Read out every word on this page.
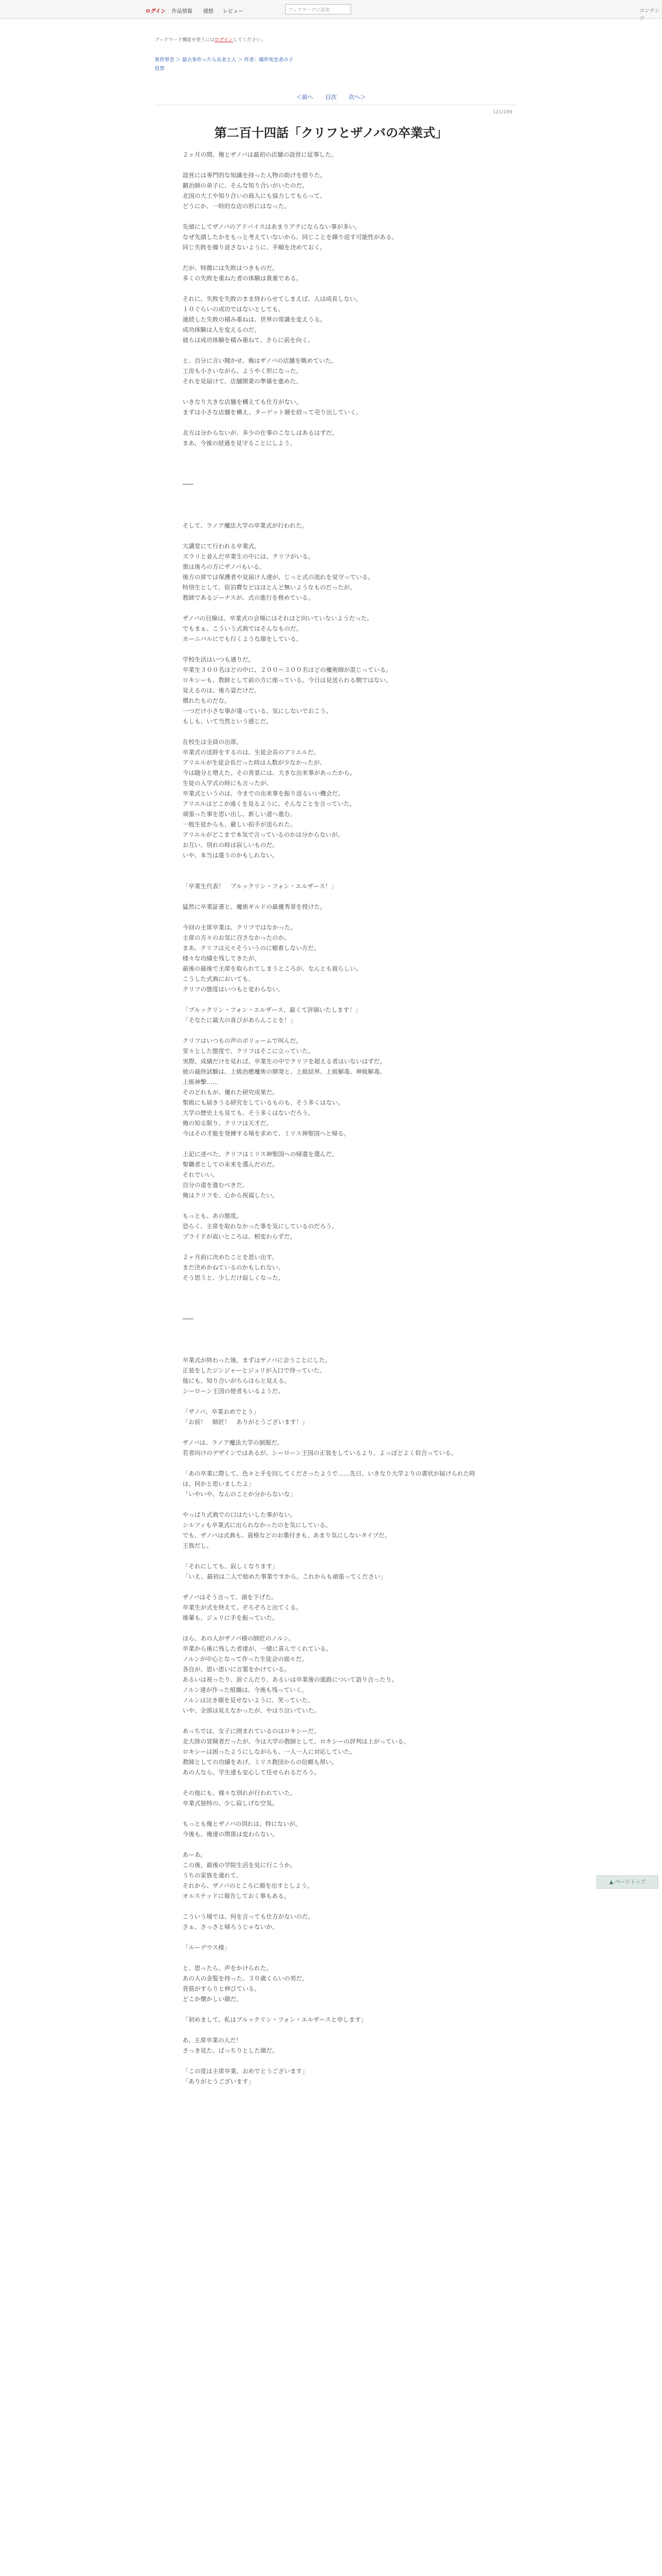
ログイン 作品情報 感想 レビュー	ブックマークに追加	コンテンツ
ブックマーク機能を使うにはログインしてください。
異世界恋 ＞ 最古参作ったら長者主人 ＞ 作者：爆炸死恋者の子
投票
＜前へ 目次 次へ＞
121/199
第二百十四話「クリフとザノバの卒業式」
２ヶ月の間、俺とザノバは最初の店舗の設営に従事した。

設営には専門的な知識を持った人物の助けを借りた。
鍛冶師の弟子に、そんな知り合いがいたのだ。
北国の大工や知り合いの商人にも協力してもらって、
どうにか、一時的な店の形にはなった。

先頭にしてザノバのアドバイスはあまりアテにならない事が多い。
なぜ先頭したかをもっと考えていないから、同じことを繰り返す可能性がある。
同じ失敗を繰り返さないように、手順を決めておく。

だが、特徴には失敗はつきものだ。
多くの失敗を重ねた者の体験は貴重である。

それに、失敗を失敗のまま終わらせてしまえば、人は成長しない。
１０ぐらいの成功ではないとしても、
連続した失敗の積み重ねは、世界の常識を変えうる。
成功体験は人を変えるのだ。
彼らは成功体験を積み重ねて、さらに前を向く。

と、自分に言い聞かせ、俺はザノバの店舗を眺めていた。
工房も小さいながら、ようやく形になった。
それを見届けて、店舗開業の準備を進めた。

いきなり大きな店舗を構えても仕方がない。
まずは小さな店舗を構え、ターゲット層を絞って売り出していく。

北方は分からないが、多少の仕事のこなしはあるはずだ。
まあ、今後の経過を見守ることにしよう。

───

そして、ラノア魔法大学の卒業式が行われた。

大講堂にて行われる卒業式。
ズラリと並んだ卒業生の中には、クリフがいる。
奥は後ろの方にザノバもいる。
後方の席では保護者や見届け人達が、じっと式の流れを見守っている。
特別生として、宿泊費などはほとんど無いようなものだったが。
教師であるジーナスが、式の進行を務めている。

ザノバの目線は、卒業式の会場にはそれほど向いていないようだった。
でもまぁ、こういう式典ではそんなものだ。
カーニバルにでも行くような顔をしている。

学校生活はいつも通りだ。
卒業生３００名ほどの中に、２００〜３００名ほどの魔術師が混じっている。
ロキシーも、教師として前の方に座っている。今日は見送られる側ではない。
見えるのは、後ろ姿だけだ。
慣れたものだな。
一つだけ小さな事が違っている。気にしないでおこう。
もしも、いて当然という感じだ。

在校生は全員の出席。
卒業式の送辞をするのは、生徒会長のアリエルだ。
アリエルが生徒会長だった時は人数が少なかったが、
今は随分と増えた。その背景には、大きな出来事があったから。
生徒の入学式の時にも言ったが、
卒業式というのは、今までの出来事を振り返るいい機会だ。
アリエルはどこか遠くを見るように、そんなことを言っていた。
頑張った事を思い出し、新しい道へ進む。
一般生徒からも、厳しい拍手が送られた。
アリエルがどこまで本気で言っているのかは分からないが、
お互い、別れの時は寂しいものだ。
いや、本当は違うのかもしれない。

「卒業生代表！　ブルックリン・フォン・エルザース！」

猛然に卒業証書と、魔術ギルドの最優秀章を授けた。

今回の主席卒業は、クリフではなかった。
主席の方々のお気に召さなかったのか。
まあ、クリフは元々そういうのに頓着しない方だ。
様々な功績を残してきたが、
最後の最後で主席を取られてしまうところが、なんとも彼らしい。
こうした式典においても、
クリフの態度はいつもと変わらない。

「ブルックリン・フォン・エルザース、最くて評価いたします！」
「そなたに最大の喜びがあらんことを！」

クリフはいつもの声のボリュームで叫んだ。
堂々とした態度で、クリフはそこに立っていた。
実際、成績だけを見れば、卒業生の中でクリフを超える者はいないはずだ。
彼の最終試験は、上級治癒魔術の開発と、上級結界、上級解毒、神級解毒、
上級神撃……
そのどれもが、優れた研究成果だ。
聖級にも届きうる研究をしているものも、そう多くはない。
大学の歴史上も見ても、そう多くはないだろう。
俺の知る限り、クリフは天才だ。
今はその才能を発揮する場を求めて、ミリス神聖国へと帰る。

上記に述べた、クリフはミリス神聖国への帰還を選んだ。
聖職者としての未来を選んだのだ。
それでいい。
自分の道を進むべきだ。
俺はクリフを、心から祝福したい。

もっとも、あの態度。
恐らく、主席を取れなかった事を気にしているのだろう。
プライドが高いところは、相変わらずだ。

２ヶ月前に決めたことを思い出す。
まだ決めかねているのかもしれない。
そう思うと、少しだけ寂しくなった。

───

卒業式が終わった後、まずはザノバに会うことにした。
正装をしたジンジャーとジュリが入口で待っていた。
他にも、知り合いがちらほらと見える。
シーローン王国の使者もいるようだ。

「ザノバ、卒業おめでとう」
「お前！　師匠！　ありがとうございます！」

ザノバは、ラノア魔法大学の制服だ。
若者向けのデザインではあるが、シーローン王国の正装をしているより、よっぽどよく似合っている。

「あの卒業に際して、色々と手を回してくださったようで……先日、いきなり大学よりの書状が届けられた時は、何かと思いましたよ」
「いやいや、なんのことか分からないな」

やっぱり式典での口はたいした事がない。
シルフィも卒業式に出られなかったのを気にしている。
でも、ザノバは式典も、資格などのお墨付きも、あまり気にしないタイプだ。
王族だし。

「それにしても、寂しくなります」
「いえ、最初は二人で始めた事業ですから。これからも頑張ってください」

ザノバはそう言って、頭を下げた。
卒業生が式を終えて、ぞろぞろと出てくる。
後輩も、ジュリに手を振っていた。

ほら、あの人がザノバ様の師匠のノルン。
卒業から後に残した者達が、一緒に喜んでくれている。
ノルンが中心となって作った生徒会の面々だ。
各自が、思い思いに言葉をかけている。
あるいは祝ったり、涙ぐんだり、あるいは卒業後の進路について語り合ったり。
ノルン達が作った組織は、今後も残っていく。
ノルンは泣き顔を見せないように、笑っていた。
いや、全部は見えなかったが、やはり泣いていた。

あっちでは、女子に囲まれているのはロキシーだ。
北大陸の冒険者だったが、今は大学の教師として、ロキシーの評判は上がっている。
ロキシーは困ったようにしながらも、一人一人に対応していた。
教師としての功績をあげ、ミリス教団からの信頼も厚い。
あの人なら、学生達も安心して任せられるだろう。

その他にも、様々な別れが行われていた。
卒業式独特の、少し寂しげな空気。

もっとも俺とザノバの別れは、特にないが。
今後も、俺達の関係は変わらない。

あーあ。
この後、最後の学院生活を見に行こうか。
うちの家族を連れて、
それから、ザノバのところに顔を出すとしよう。
オルステッドに報告しておく事もある。

こういう場では、何を言っても仕方がないのだ。
さぁ、さっさと帰ろうじゃないか。

「ルーデウス様」

と、思ったら、声をかけられた。
あの人の金髪を持った、３０歳くらいの男だ。
背筋がすらりと伸びている。
どこか懐かしい顔だ。

「初めまして、私はブルックリン・フォン・エルザースと申します」

あ、主席卒業の人だ！
さっき見た、ばっちりとした顔だ。

「この度は主席卒業、おめでとうございます」
「ありがとうございます」
▲ ページトップ
